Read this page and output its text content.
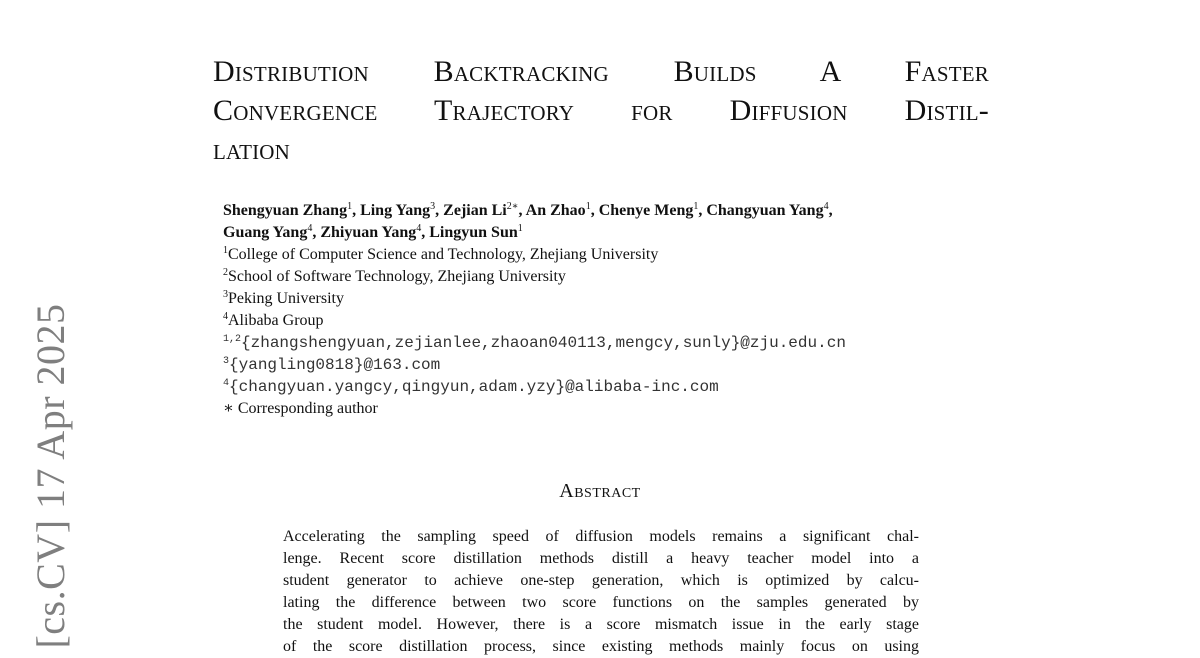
[cs.CV] 17 Apr 2025
Distribution Backtracking Builds A Faster
Convergence Trajectory for Diffusion Distil-
lation
Shengyuan Zhang$^1$, Ling Yang$^3$, Zejian $Li^{2∗}$, An Zhao$^1$, Chenye Meng$^1$, Changyuan Yang$^4$,
Guang Yang$^4$, Zhiyuan Yang$^4$, Lingyun Sun$^1$
$^1$College of Computer Science and Technology, Zhejiang University
$^2$School of Software Technology, Zhejiang University
$^3$Peking University
$^4$Alibaba Group
$^{1,2}${zhangshengyuan,zejianlee,zhaoan040113,mengcy,sunly}@zju.edu.cn
$^3${yangling0818}@163.com
$^4${changyuan.yangcy,qingyun,adam.yzy}@alibaba-inc.com
∗ Corresponding author
Abstract
Accelerating the sampling speed of diffusion models remains a significant chal-
lenge. Recent score distillation methods distill a heavy teacher model into a
student generator to achieve one-step generation, which is optimized by calcu-
lating the difference between two score functions on the samples generated by
the student model. However, there is a score mismatch issue in the early stage
of the score distillation process, since existing methods mainly focus on using
